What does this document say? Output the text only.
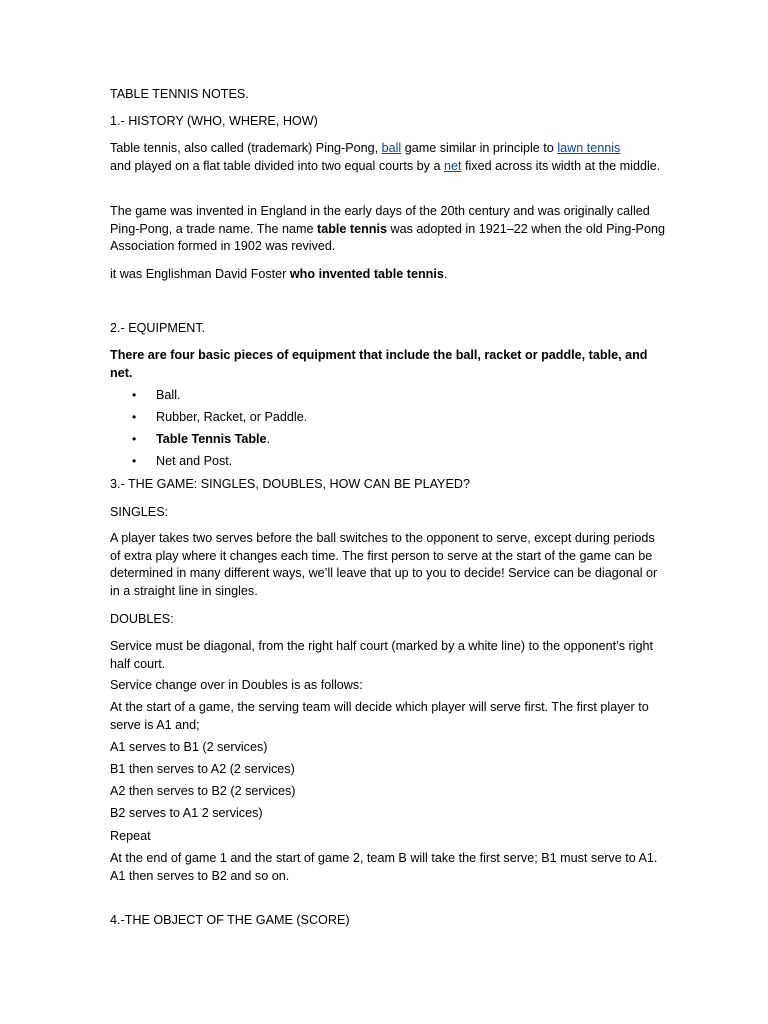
TABLE TENNIS NOTES.

1.- HISTORY (WHO, WHERE, HOW)

Table tennis, also called (trademark) Ping-Pong, ball game similar in principle to lawn tennis
and played on a flat table divided into two equal courts by a net fixed across its width at the middle.

The game was invented in England in the early days of the 20th century and was originally called Ping-Pong, a trade name. The name table tennis was adopted in 1921–22 when the old Ping-Pong Association formed in 1902 was revived.

it was Englishman David Foster who invented table tennis.

2.- EQUIPMENT.

There are four basic pieces of equipment that include the ball, racket or paddle, table, and net.

• Ball.
• Rubber, Racket, or Paddle.
• Table Tennis Table.
• Net and Post.

3.- THE GAME: SINGLES, DOUBLES, HOW CAN BE PLAYED?

SINGLES:

A player takes two serves before the ball switches to the opponent to serve, except during periods of extra play where it changes each time. The first person to serve at the start of the game can be determined in many different ways, we’ll leave that up to you to decide! Service can be diagonal or in a straight line in singles.

DOUBLES:

Service must be diagonal, from the right half court (marked by a white line) to the opponent’s right half court.

Service change over in Doubles is as follows:

At the start of a game, the serving team will decide which player will serve first. The first player to serve is A1 and;

A1 serves to B1 (2 services)

B1 then serves to A2 (2 services)

A2 then serves to B2 (2 services)

B2 serves to A1 2 services)

Repeat

At the end of game 1 and the start of game 2, team B will take the first serve; B1 must serve to A1. A1 then serves to B2 and so on.

4.-THE OBJECT OF THE GAME (SCORE)
